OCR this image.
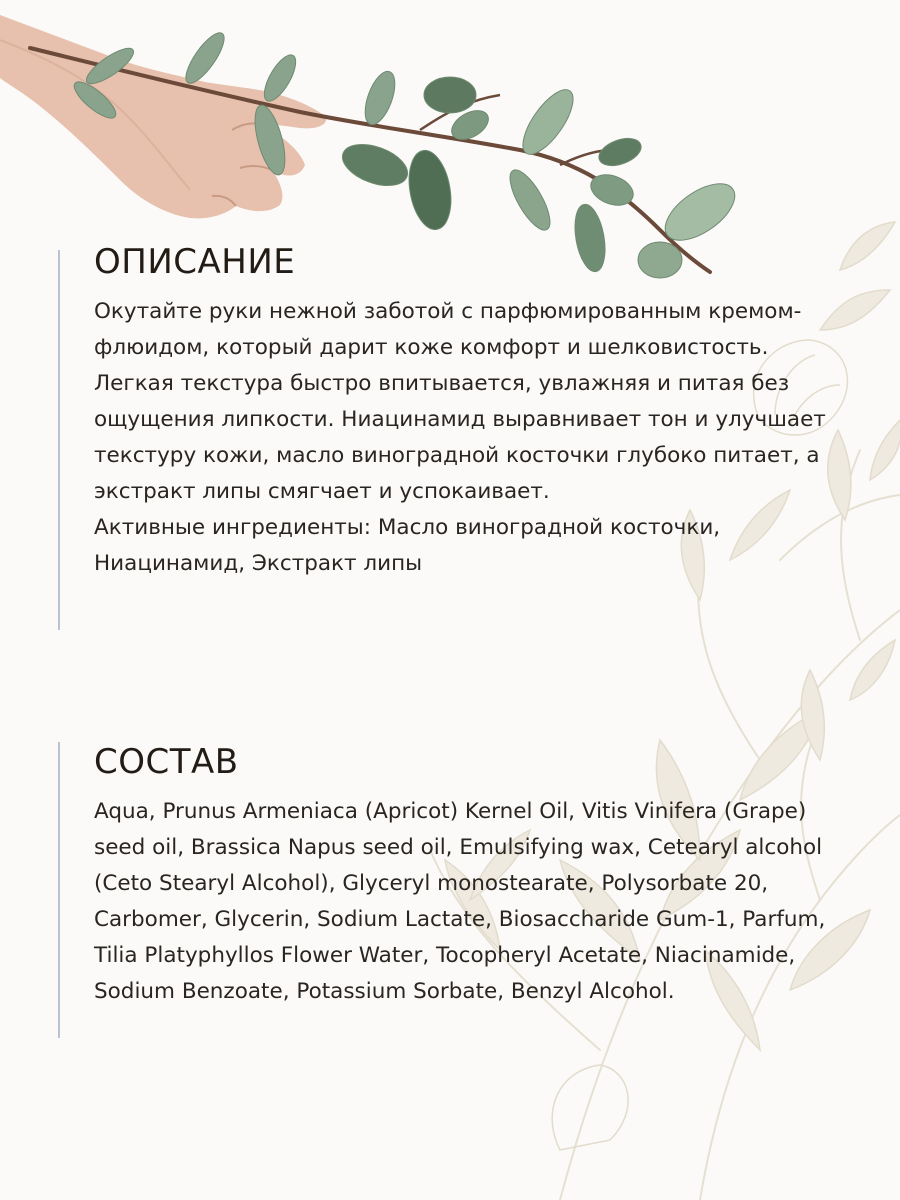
ОПИСАНИЕ

Окутайте руки нежной заботой с парфюмированным кремом-флюидом, который дарит коже комфорт и шелковистость. Легкая текстура быстро впитывается, увлажняя и питая без ощущения липкости. Ниацинамид выравнивает тон и улучшает текстуру кожи, масло виноградной косточки глубоко питает, а экстракт липы смягчает и успокаивает.

Активные ингредиенты: Масло виноградной косточки, Ниацинамид, Экстракт липы

СОСТАВ

Aqua, Prunus Armeniaca (Apricot) Kernel Oil, Vitis Vinifera (Grape) seed oil, Brassica Napus seed oil, Emulsifying wax, Cetearyl alcohol (Ceto Stearyl Alcohol), Glyceryl monostearate, Polysorbate 20, Carbomer, Glycerin, Sodium Lactate, Biosaccharide Gum-1, Parfum, Tilia Platyphyllos Flower Water, Tocopheryl Acetate, Niacinamide, Sodium Benzoate, Potassium Sorbate, Benzyl Alcohol.
